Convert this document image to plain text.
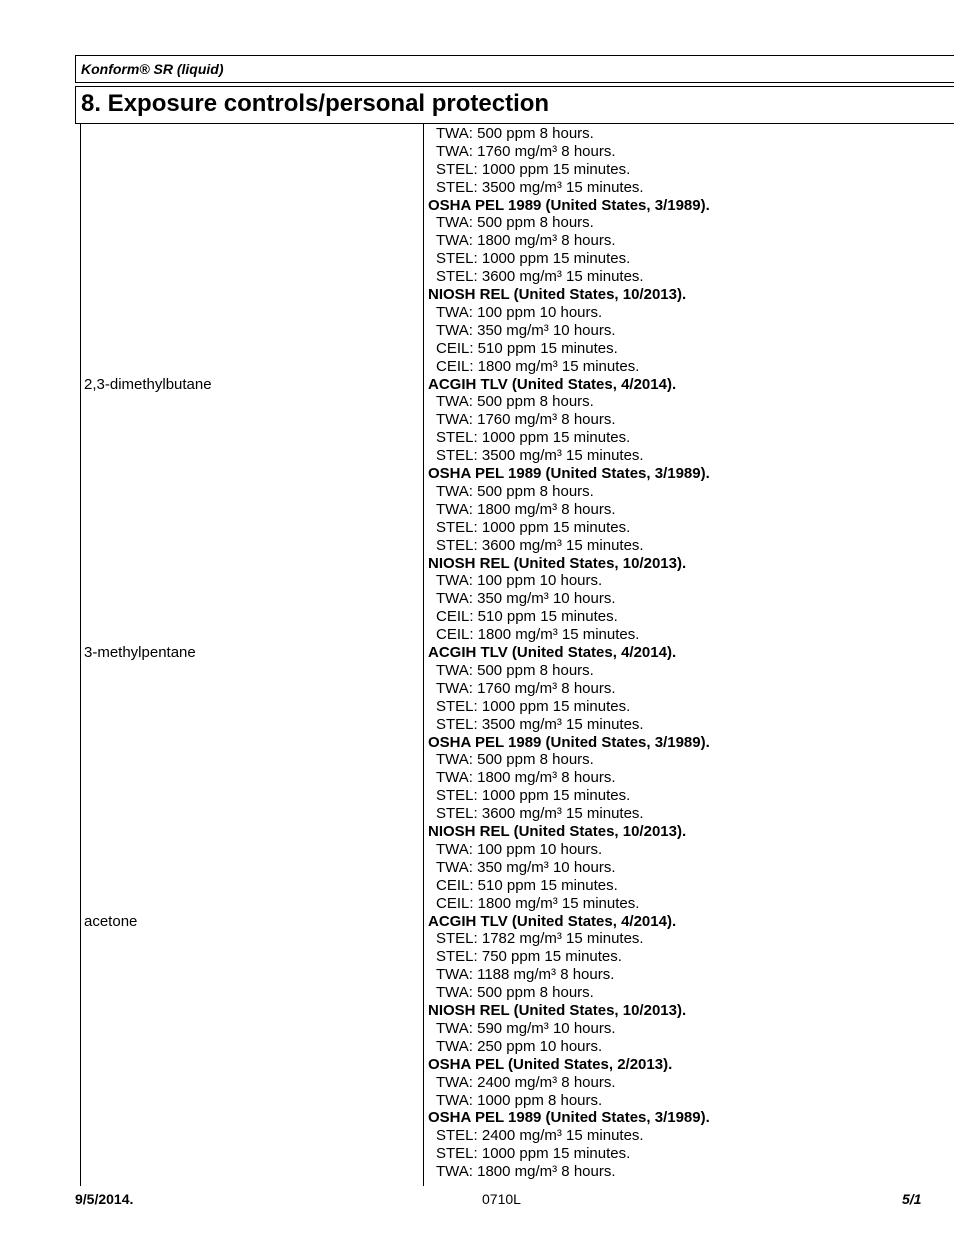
Konform® SR (liquid)
8. Exposure controls/personal protection
TWA: 500 ppm 8 hours.
TWA: 1760 mg/m³ 8 hours.
STEL: 1000 ppm 15 minutes.
STEL: 3500 mg/m³ 15 minutes.
OSHA PEL 1989 (United States, 3/1989).
TWA: 500 ppm 8 hours.
TWA: 1800 mg/m³ 8 hours.
STEL: 1000 ppm 15 minutes.
STEL: 3600 mg/m³ 15 minutes.
NIOSH REL (United States, 10/2013).
TWA: 100 ppm 10 hours.
TWA: 350 mg/m³ 10 hours.
CEIL: 510 ppm 15 minutes.
CEIL: 1800 mg/m³ 15 minutes.
2,3-dimethylbutane	ACGIH TLV (United States, 4/2014).
TWA: 500 ppm 8 hours.
TWA: 1760 mg/m³ 8 hours.
STEL: 1000 ppm 15 minutes.
STEL: 3500 mg/m³ 15 minutes.
OSHA PEL 1989 (United States, 3/1989).
TWA: 500 ppm 8 hours.
TWA: 1800 mg/m³ 8 hours.
STEL: 1000 ppm 15 minutes.
STEL: 3600 mg/m³ 15 minutes.
NIOSH REL (United States, 10/2013).
TWA: 100 ppm 10 hours.
TWA: 350 mg/m³ 10 hours.
CEIL: 510 ppm 15 minutes.
CEIL: 1800 mg/m³ 15 minutes.
3-methylpentane	ACGIH TLV (United States, 4/2014).
TWA: 500 ppm 8 hours.
TWA: 1760 mg/m³ 8 hours.
STEL: 1000 ppm 15 minutes.
STEL: 3500 mg/m³ 15 minutes.
OSHA PEL 1989 (United States, 3/1989).
TWA: 500 ppm 8 hours.
TWA: 1800 mg/m³ 8 hours.
STEL: 1000 ppm 15 minutes.
STEL: 3600 mg/m³ 15 minutes.
NIOSH REL (United States, 10/2013).
TWA: 100 ppm 10 hours.
TWA: 350 mg/m³ 10 hours.
CEIL: 510 ppm 15 minutes.
CEIL: 1800 mg/m³ 15 minutes.
acetone	ACGIH TLV (United States, 4/2014).
STEL: 1782 mg/m³ 15 minutes.
STEL: 750 ppm 15 minutes.
TWA: 1188 mg/m³ 8 hours.
TWA: 500 ppm 8 hours.
NIOSH REL (United States, 10/2013).
TWA: 590 mg/m³ 10 hours.
TWA: 250 ppm 10 hours.
OSHA PEL (United States, 2/2013).
TWA: 2400 mg/m³ 8 hours.
TWA: 1000 ppm 8 hours.
OSHA PEL 1989 (United States, 3/1989).
STEL: 2400 mg/m³ 15 minutes.
STEL: 1000 ppm 15 minutes.
TWA: 1800 mg/m³ 8 hours.
9/5/2014.	0710L	5/1
